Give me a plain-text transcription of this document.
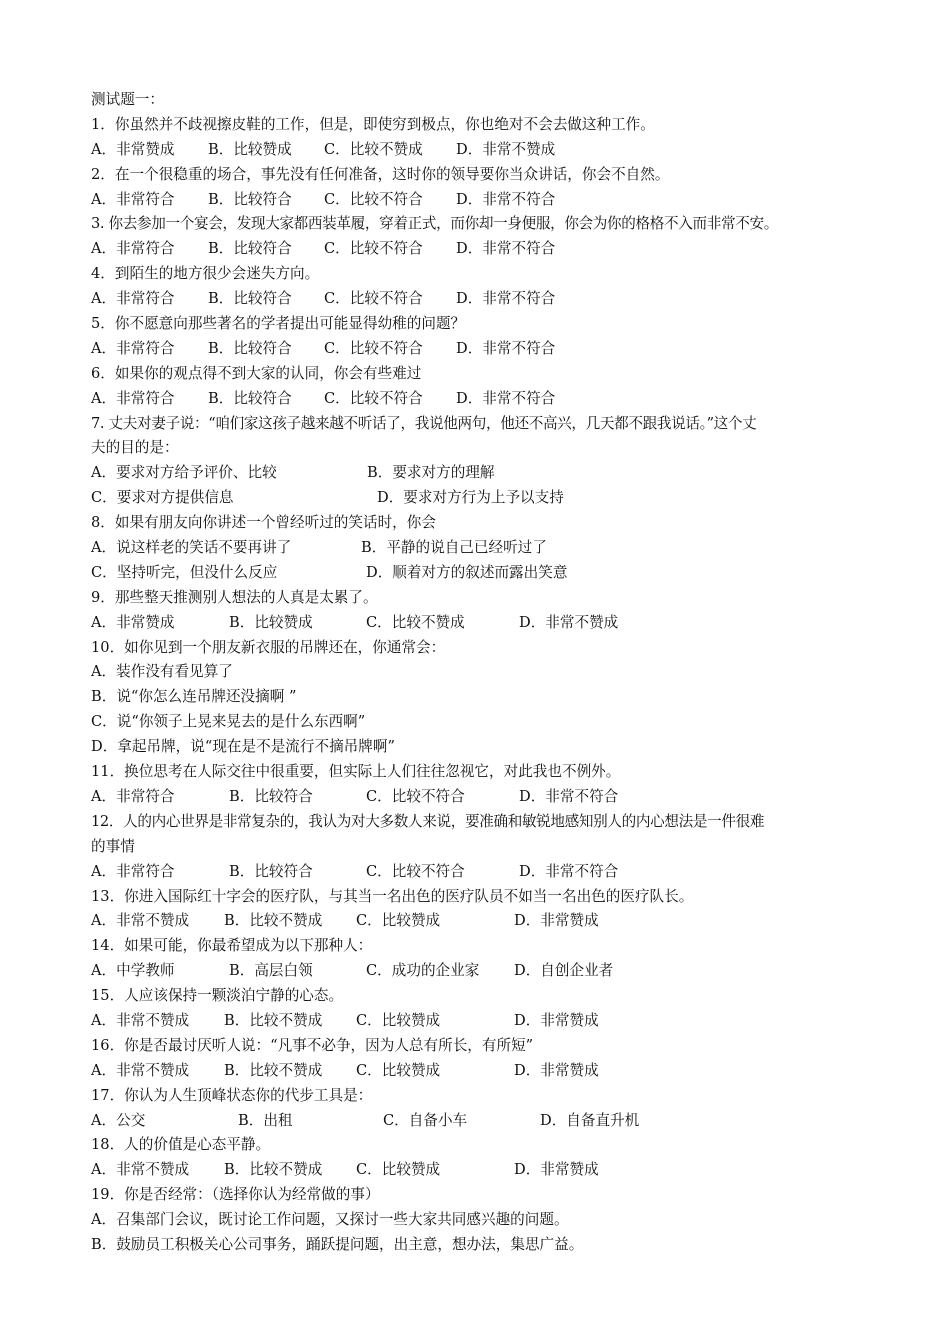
测试题一：
1．你虽然并不歧视擦皮鞋的工作，但是，即使穷到极点，你也绝对不会去做这种工作。
A．非常赞成 B．比较赞成 C．比较不赞成 D．非常不赞成
2．在一个很稳重的场合，事先没有任何准备，这时你的领导要你当众讲话，你会不自然。
A．非常符合 B．比较符合 C．比较不符合 D．非常不符合
3. 你去参加一个宴会，发现大家都西装革履，穿着正式，而你却一身便服，你会为你的格格不入而非常不安。
A．非常符合 B．比较符合 C．比较不符合 D．非常不符合
4．到陌生的地方很少会迷失方向。
A．非常符合 B．比较符合 C．比较不符合 D．非常不符合
5．你不愿意向那些著名的学者提出可能显得幼稚的问题？
A．非常符合 B．比较符合 C．比较不符合 D．非常不符合
6．如果你的观点得不到大家的认同，你会有些难过
A．非常符合 B．比较符合 C．比较不符合 D．非常不符合
7. 丈夫对妻子说：“咱们家这孩子越来越不听话了，我说他两句，他还不高兴，几天都不跟我说话。”这个丈
夫的目的是：
A．要求对方给予评价、比较	B．要求对方的理解
C．要求对方提供信息	D．要求对方行为上予以支持
8．如果有朋友向你讲述一个曾经听过的笑话时，你会
A．说这样老的笑话不要再讲了	B．平静的说自己已经听过了
C．坚持听完，但没什么反应	D．顺着对方的叙述而露出笑意
9．那些整天推测别人想法的人真是太累了。
A．非常赞成	B．比较赞成	C．比较不赞成	D．非常不赞成
10．如你见到一个朋友新衣服的吊牌还在，你通常会：
A．装作没有看见算了
B．说“你怎么连吊牌还没摘啊 ”
C．说“你领子上晃来晃去的是什么东西啊”
D．拿起吊牌，说“现在是不是流行不摘吊牌啊”
11．换位思考在人际交往中很重要，但实际上人们往往忽视它，对此我也不例外。
A．非常符合	B．比较符合	C．比较不符合	D．非常不符合
12．人的内心世界是非常复杂的，我认为对大多数人来说，要准确和敏锐地感知别人的内心想法是一件很难
的事情
A．非常符合	B．比较符合	C．比较不符合	D．非常不符合
13．你进入国际红十字会的医疗队，与其当一名出色的医疗队员不如当一名出色的医疗队长。
A．非常不赞成 B．比较不赞成 C．比较赞成	D．非常赞成
14．如果可能，你最希望成为以下那种人：
A．中学教师	B．高层白领	C．成功的企业家 D．自创企业者
15．人应该保持一颗淡泊宁静的心态。
A．非常不赞成 B．比较不赞成 C．比较赞成	D．非常赞成
16．你是否最讨厌听人说：“凡事不必争，因为人总有所长，有所短”
A．非常不赞成 B．比较不赞成 C．比较赞成	D．非常赞成
17．你认为人生顶峰状态你的代步工具是：
A．公交	B．出租	C．自备小车	D．自备直升机
18．人的价值是心态平静。
A．非常不赞成 B．比较不赞成 C．比较赞成	D．非常赞成
19．你是否经常：（选择你认为经常做的事）
A．召集部门会议，既讨论工作问题，又探讨一些大家共同感兴趣的问题。
B．鼓励员工积极关心公司事务，踊跃提问题，出主意，想办法，集思广益。
